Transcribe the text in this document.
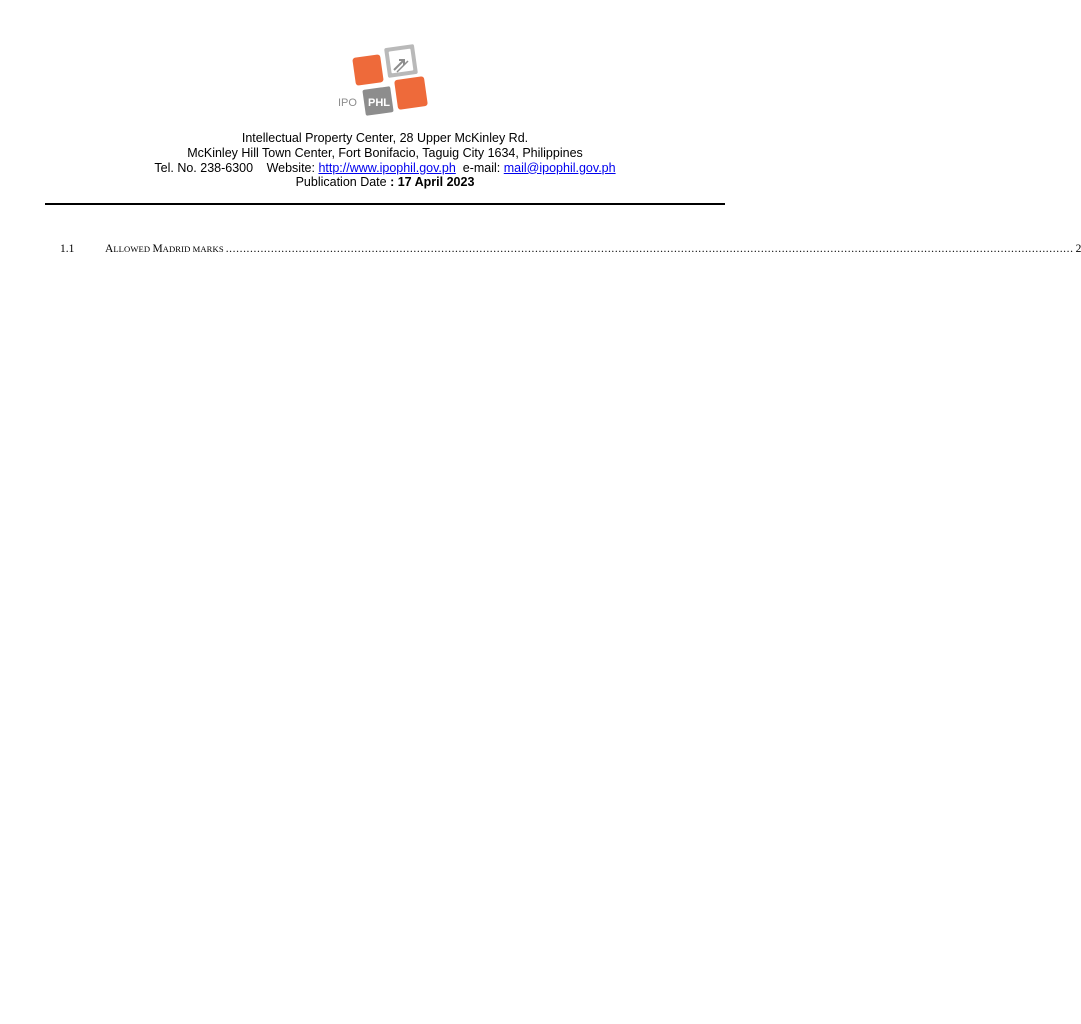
IPO PHL
Intellectual Property Center, 28 Upper McKinley Rd.
McKinley Hill Town Center, Fort Bonifacio, Taguig City 1634, Philippines
Tel. No. 238-6300 Website: http://www.ipophil.gov.ph e-mail: mail@ipophil.gov.ph
Publication Date : 17 April 2023
1.1	ALLOWED MADRID MARKS .................................................................................................................................................................................................................................................... 2
